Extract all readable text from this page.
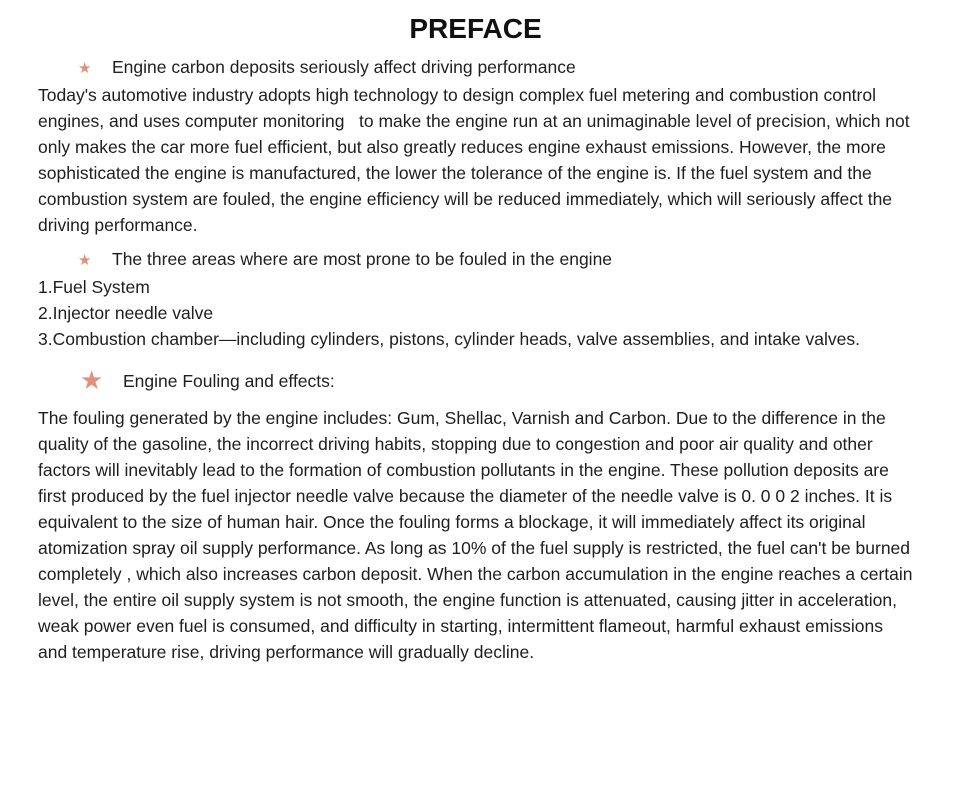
PREFACE
★	Engine carbon deposits seriously affect driving performance

Today's automotive industry adopts high technology to design complex fuel metering and combustion control engines, and uses computer monitoring   to make the engine run at an unimaginable level of precision, which not only makes the car more fuel efficient, but also greatly reduces engine exhaust emissions. However, the more sophisticated the engine is manufactured, the lower the tolerance of the engine is. If the fuel system and the combustion system are fouled, the engine efficiency will be reduced immediately, which will seriously affect the driving performance.

★	The three areas where are most prone to be fouled in the engine
1.Fuel System
2.Injector needle valve
3.Combustion chamber—including cylinders, pistons, cylinder heads, valve assemblies, and intake valves.
★	Engine Fouling and effects:

The fouling generated by the engine includes: Gum, Shellac, Varnish and Carbon. Due to the difference in the quality of the gasoline, the incorrect driving habits, stopping due to congestion and poor air quality and other factors will inevitably lead to the formation of combustion pollutants in the engine. These pollution deposits are first produced by the fuel injector needle valve because the diameter of the needle valve is 0. 0 0 2 inches. It is equivalent to the size of human hair. Once the fouling forms a blockage, it will immediately affect its original atomization spray oil supply performance. As long as 10% of the fuel supply is restricted, the fuel can't be burned completely , which also increases carbon deposit. When the carbon accumulation in the engine reaches a certain level, the entire oil supply system is not smooth, the engine function is attenuated, causing jitter in acceleration, weak power even fuel is consumed, and difficulty in starting, intermittent flameout, harmful exhaust emissions and temperature rise, driving performance will gradually decline.
